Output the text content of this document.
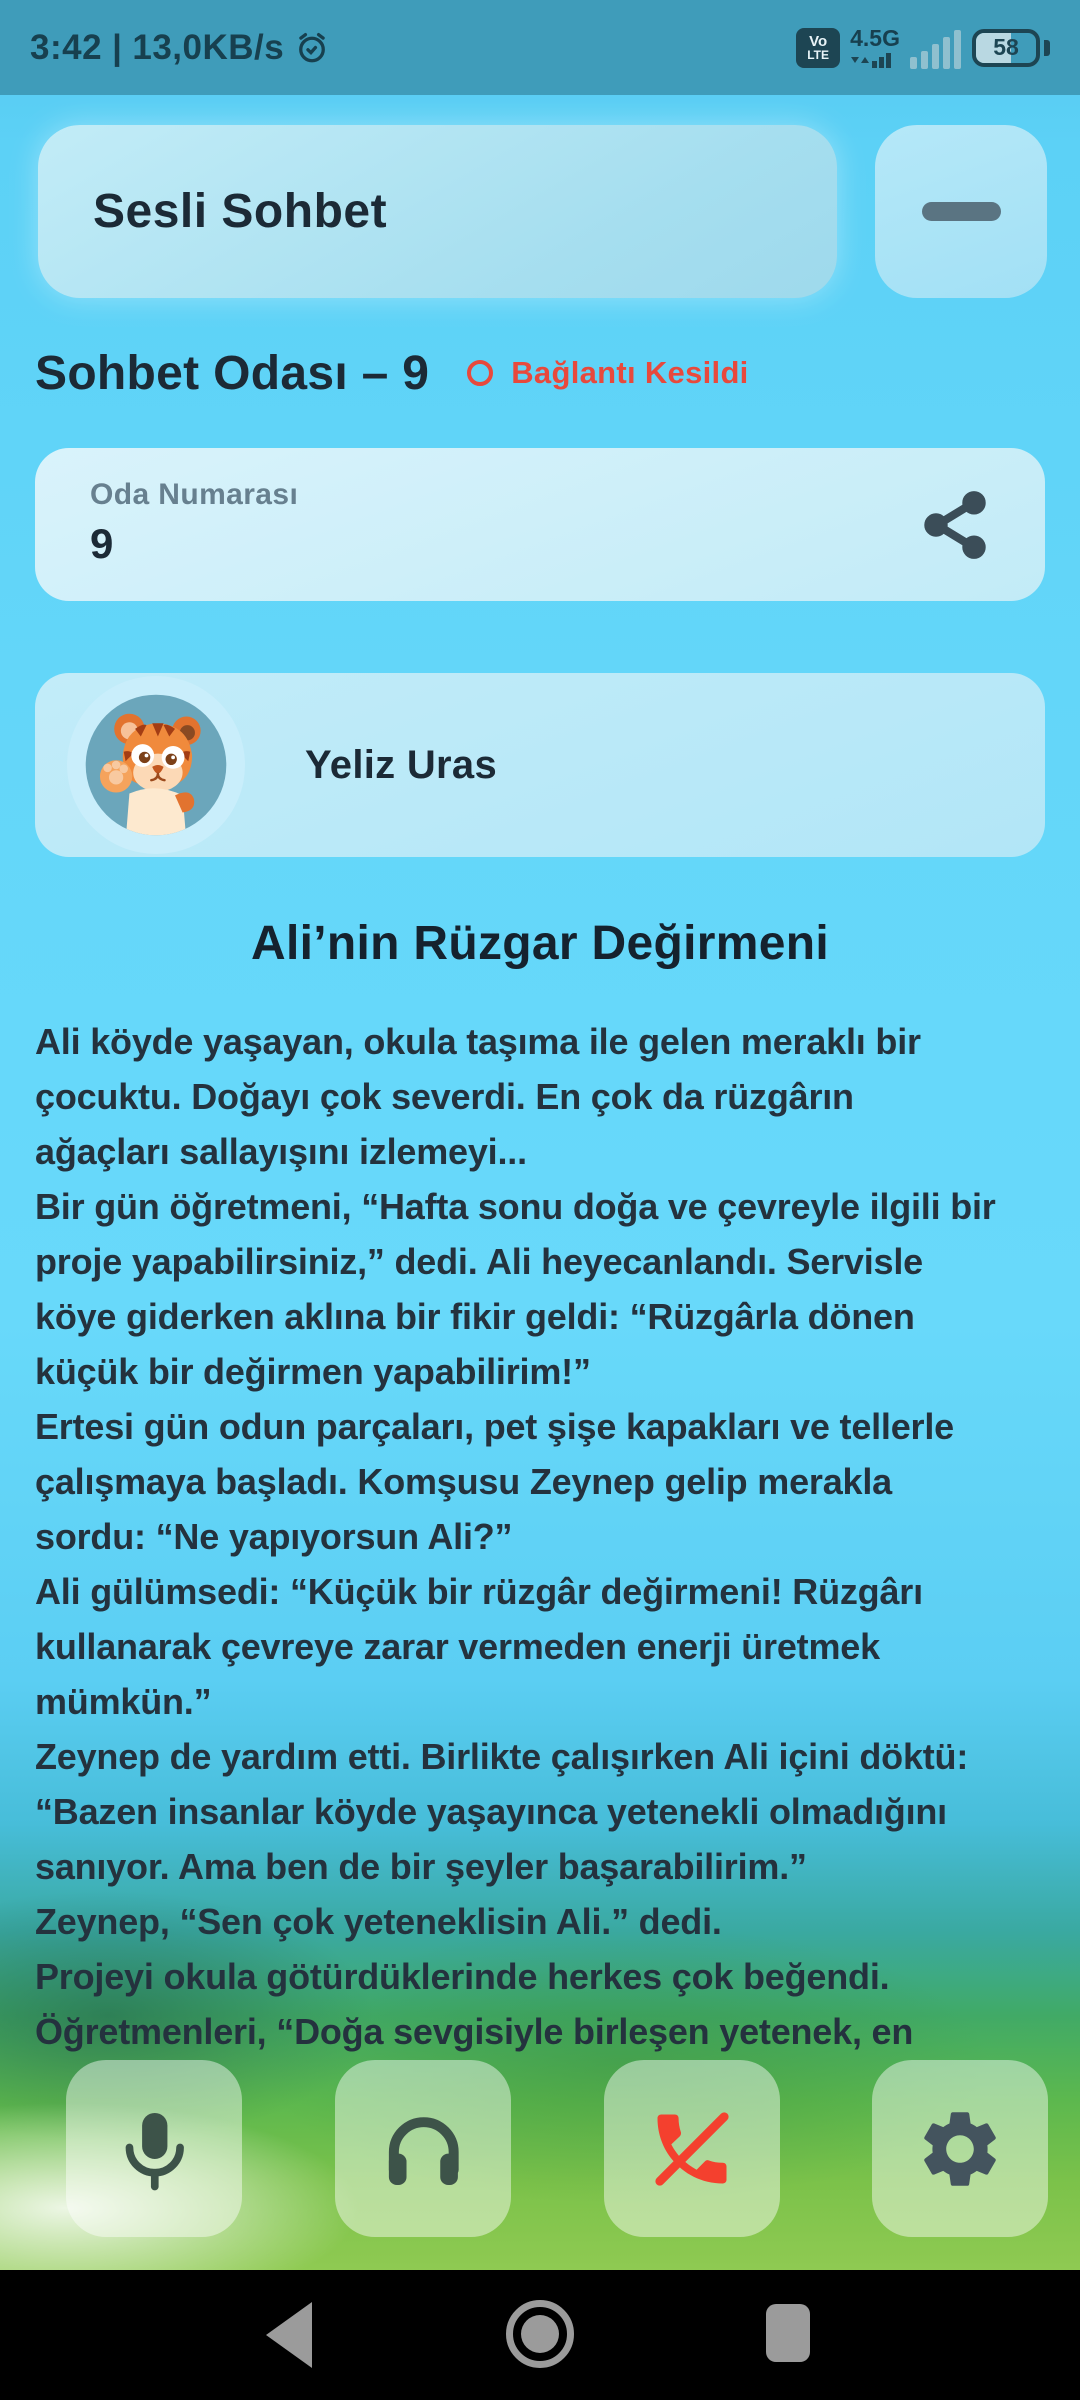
3:42 | 13,0KB/s	Vo
LTE
4.5G	58
Sesli Sohbet
Sohbet Odası – 9	Bağlantı Kesildi
Oda Numarası
9
Yeliz Uras
Ali’nin Rüzgar Değirmeni
Ali köyde yaşayan, okula taşıma ile gelen meraklı bir
çocuktu. Doğayı çok severdi. En çok da rüzgârın
ağaçları sallayışını izlemeyi...
Bir gün öğretmeni, “Hafta sonu doğa ve çevreyle ilgili bir
proje yapabilirsiniz,” dedi. Ali heyecanlandı. Servisle
köye giderken aklına bir fikir geldi: “Rüzgârla dönen
küçük bir değirmen yapabilirim!”
Ertesi gün odun parçaları, pet şişe kapakları ve tellerle
çalışmaya başladı. Komşusu Zeynep gelip merakla
sordu: “Ne yapıyorsun Ali?”
Ali gülümsedi: “Küçük bir rüzgâr değirmeni! Rüzgârı
kullanarak çevreye zarar vermeden enerji üretmek
mümkün.”
Zeynep de yardım etti. Birlikte çalışırken Ali içini döktü:
“Bazen insanlar köyde yaşayınca yetenekli olmadığını
sanıyor. Ama ben de bir şeyler başarabilirim.”
Zeynep, “Sen çok yeteneklisin Ali.” dedi.
Projeyi okula götürdüklerinde herkes çok beğendi.
Öğretmenleri, “Doğa sevgisiyle birleşen yetenek, en
